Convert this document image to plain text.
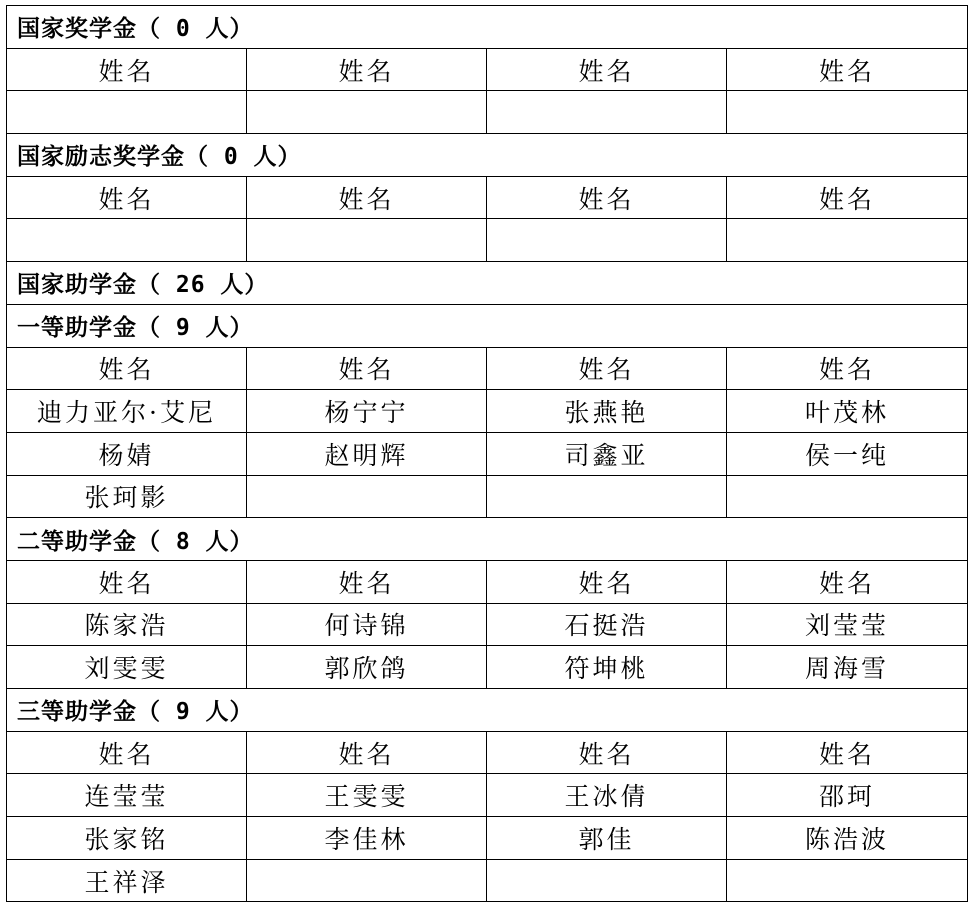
国家奖学金（ 0 人）			
姓名	姓名	姓名	姓名

国家励志奖学金（ 0 人）			
姓名	姓名	姓名	姓名

国家助学金（ 26 人）			
一等助学金（ 9 人）			
姓名	姓名	姓名	姓名
迪力亚尔·艾尼	杨宁宁	张燕艳	叶茂林
杨婧	赵明辉	司鑫亚	侯一纯
张珂影			
二等助学金（ 8 人）			
姓名	姓名	姓名	姓名
陈家浩	何诗锦	石挺浩	刘莹莹
刘雯雯	郭欣鸽	符坤桃	周海雪
三等助学金（ 9 人）			
姓名	姓名	姓名	姓名
连莹莹	王雯雯	王冰倩	邵珂
张家铭	李佳林	郭佳	陈浩波
王祥泽			
